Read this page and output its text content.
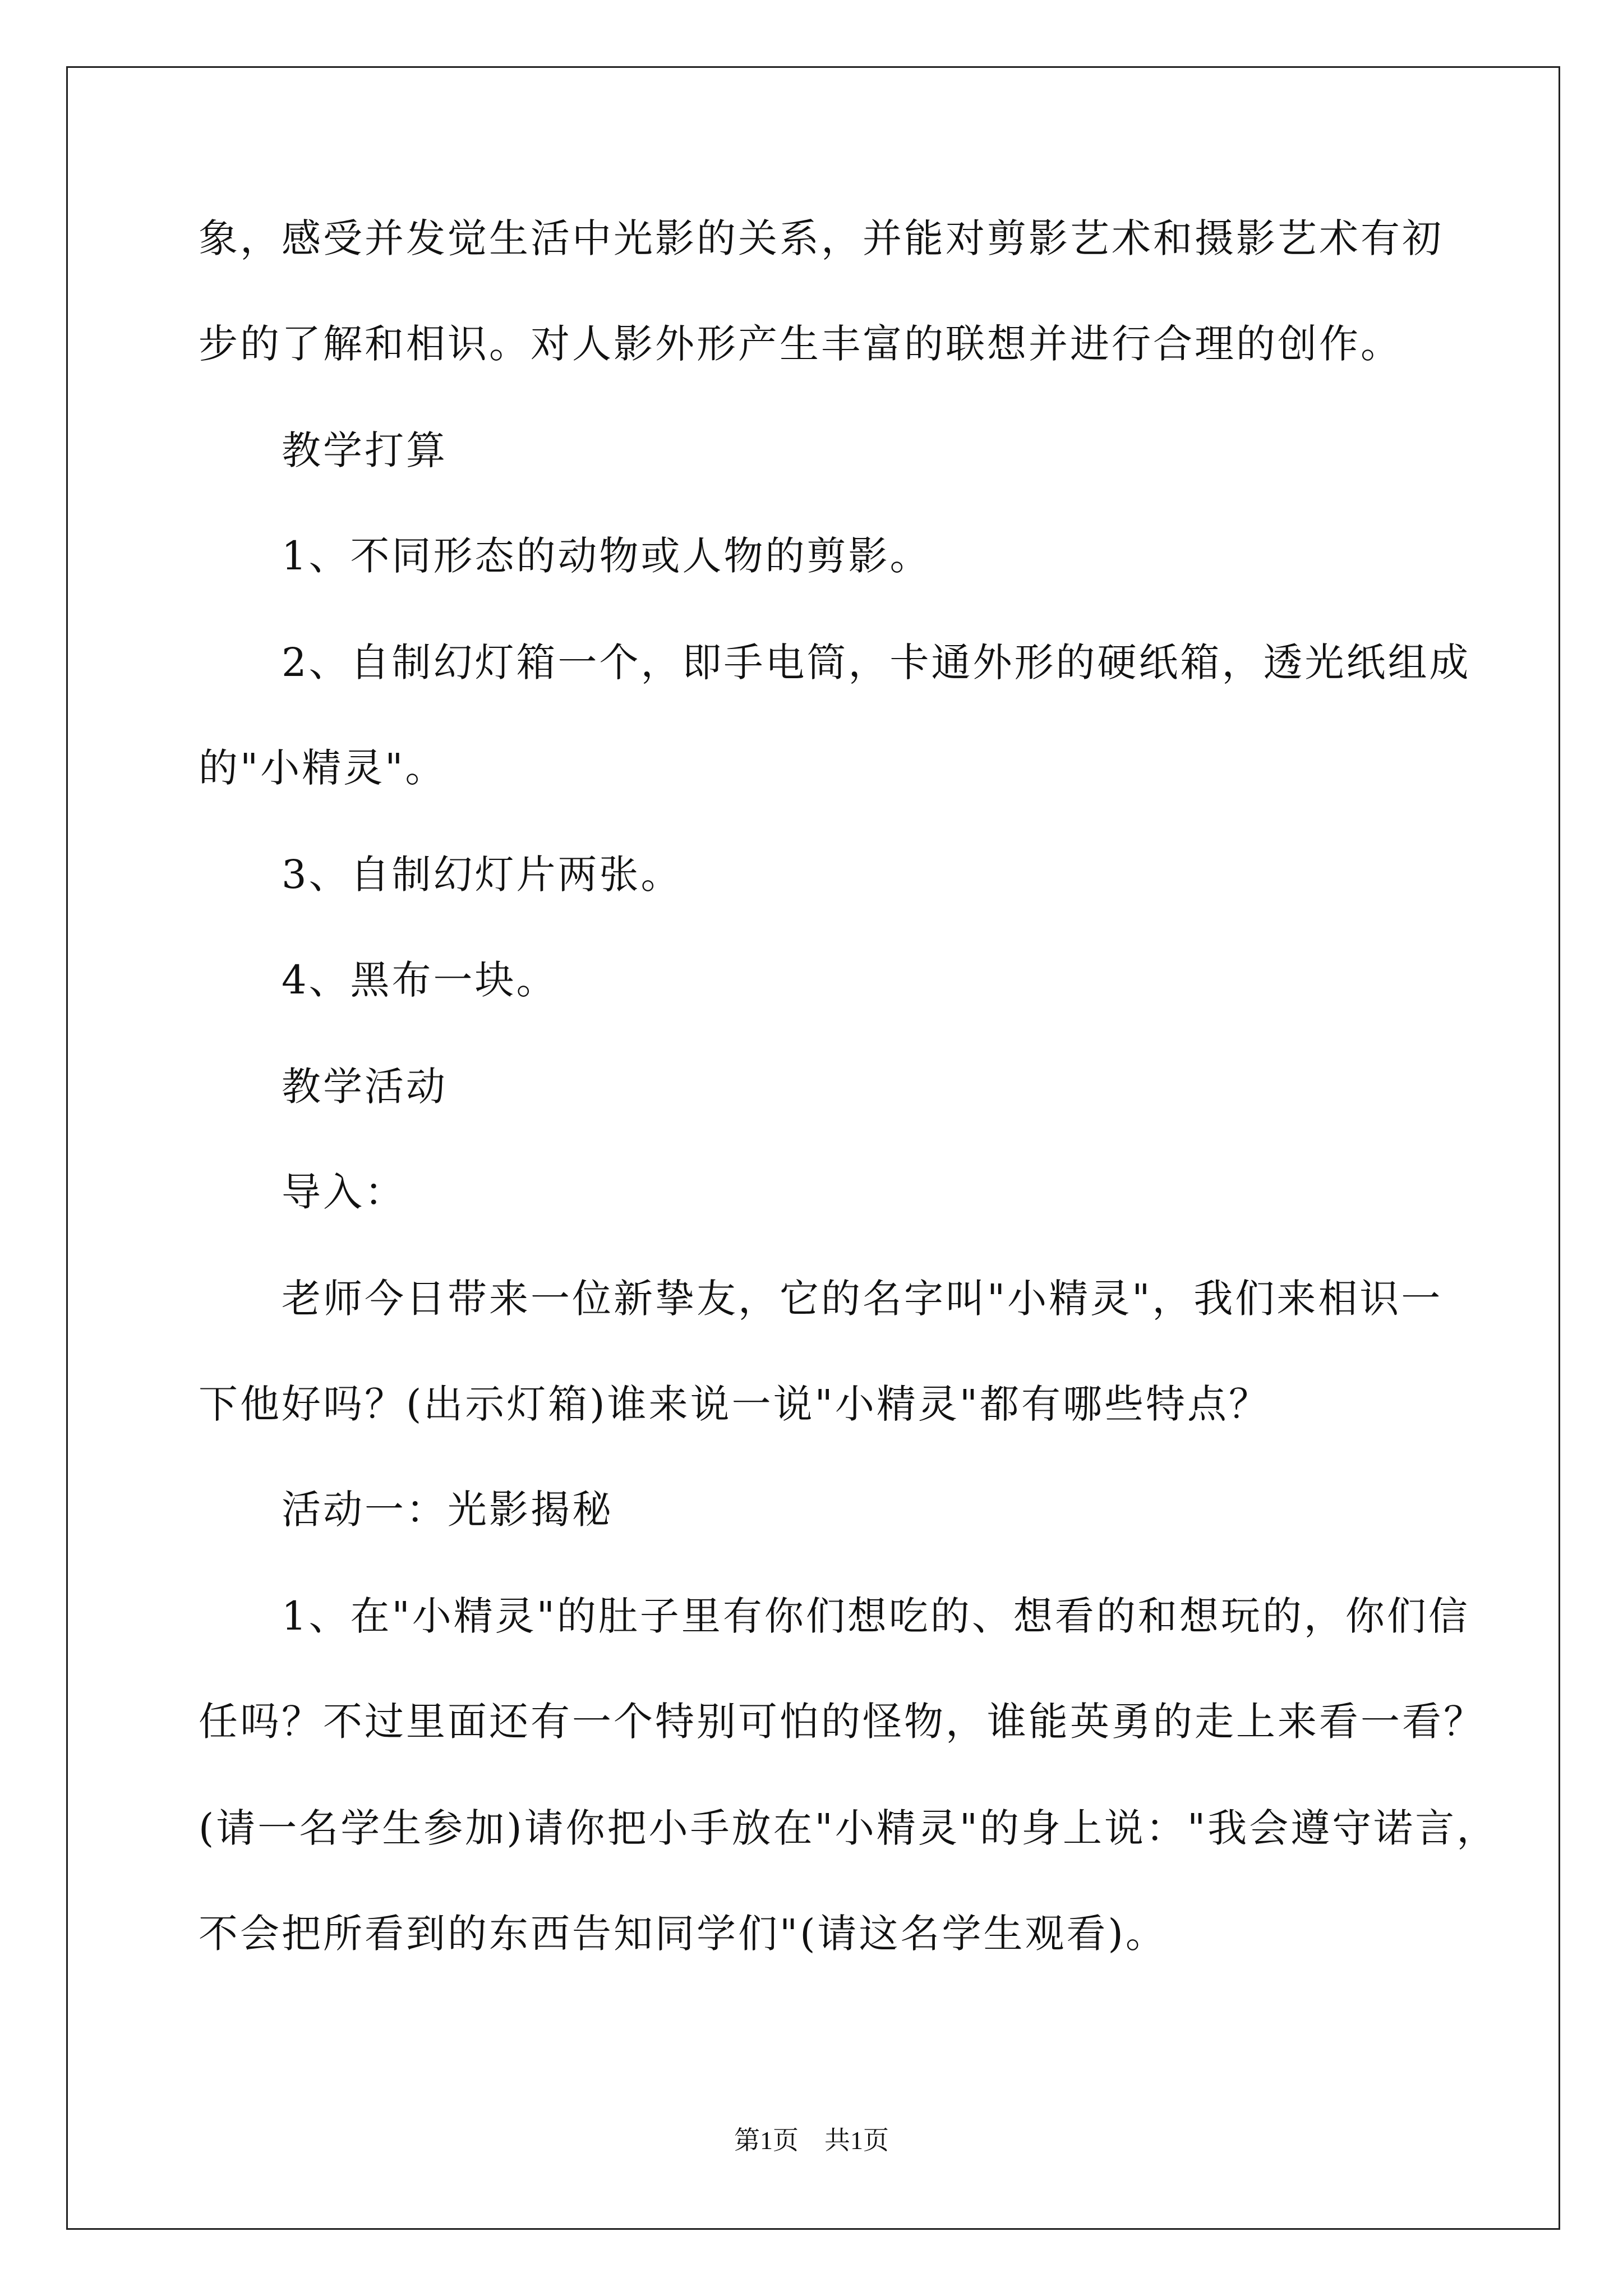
象，感受并发觉生活中光影的关系，并能对剪影艺术和摄影艺术有初
步的了解和相识。对人影外形产生丰富的联想并进行合理的创作。
教学打算
1、不同形态的动物或人物的剪影。
2、自制幻灯箱一个，即手电筒，卡通外形的硬纸箱，透光纸组成
的"小精灵"。
3、自制幻灯片两张。
4、黑布一块。
教学活动
导入：
老师今日带来一位新挚友，它的名字叫"小精灵"，我们来相识一
下他好吗？(出示灯箱)谁来说一说"小精灵"都有哪些特点？
活动一：光影揭秘
1、在"小精灵"的肚子里有你们想吃的、想看的和想玩的，你们信
任吗？不过里面还有一个特别可怕的怪物，谁能英勇的走上来看一看？
(请一名学生参加)请你把小手放在"小精灵"的身上说："我会遵守诺言，
不会把所看到的东西告知同学们"(请这名学生观看)。
第1页　共1页
